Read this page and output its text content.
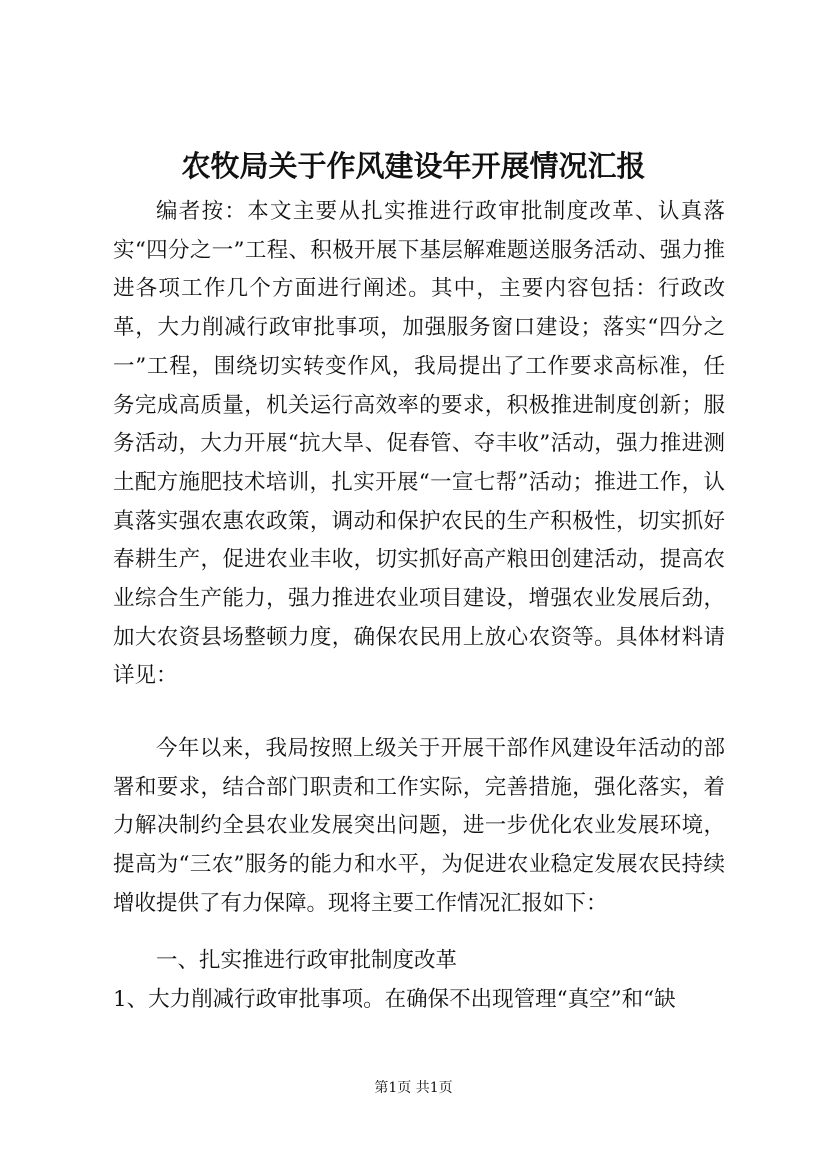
农牧局关于作风建设年开展情况汇报

编者按：本文主要从扎实推进行政审批制度改革、认真落实“四分之一”工程、积极开展下基层解难题送服务活动、强力推进各项工作几个方面进行阐述。其中，主要内容包括：行政改革，大力削减行政审批事项，加强服务窗口建设；落实“四分之一”工程，围绕切实转变作风，我局提出了工作要求高标准，任务完成高质量，机关运行高效率的要求，积极推进制度创新；服务活动，大力开展“抗大旱、促春管、夺丰收”活动，强力推进测土配方施肥技术培训，扎实开展“一宣七帮”活动；推进工作，认真落实强农惠农政策，调动和保护农民的生产积极性，切实抓好春耕生产，促进农业丰收，切实抓好高产粮田创建活动，提高农业综合生产能力，强力推进农业项目建设，增强农业发展后劲，加大农资县场整顿力度，确保农民用上放心农资等。具体材料请详见：

今年以来，我局按照上级关于开展干部作风建设年活动的部署和要求，结合部门职责和工作实际，完善措施，强化落实，着力解决制约全县农业发展突出问题，进一步优化农业发展环境，提高为“三农”服务的能力和水平，为促进农业稳定发展农民持续增收提供了有力保障。现将主要工作情况汇报如下：

一、扎实推进行政审批制度改革

1、大力削减行政审批事项。在确保不出现管理“真空”和“缺

第1页 共1页
